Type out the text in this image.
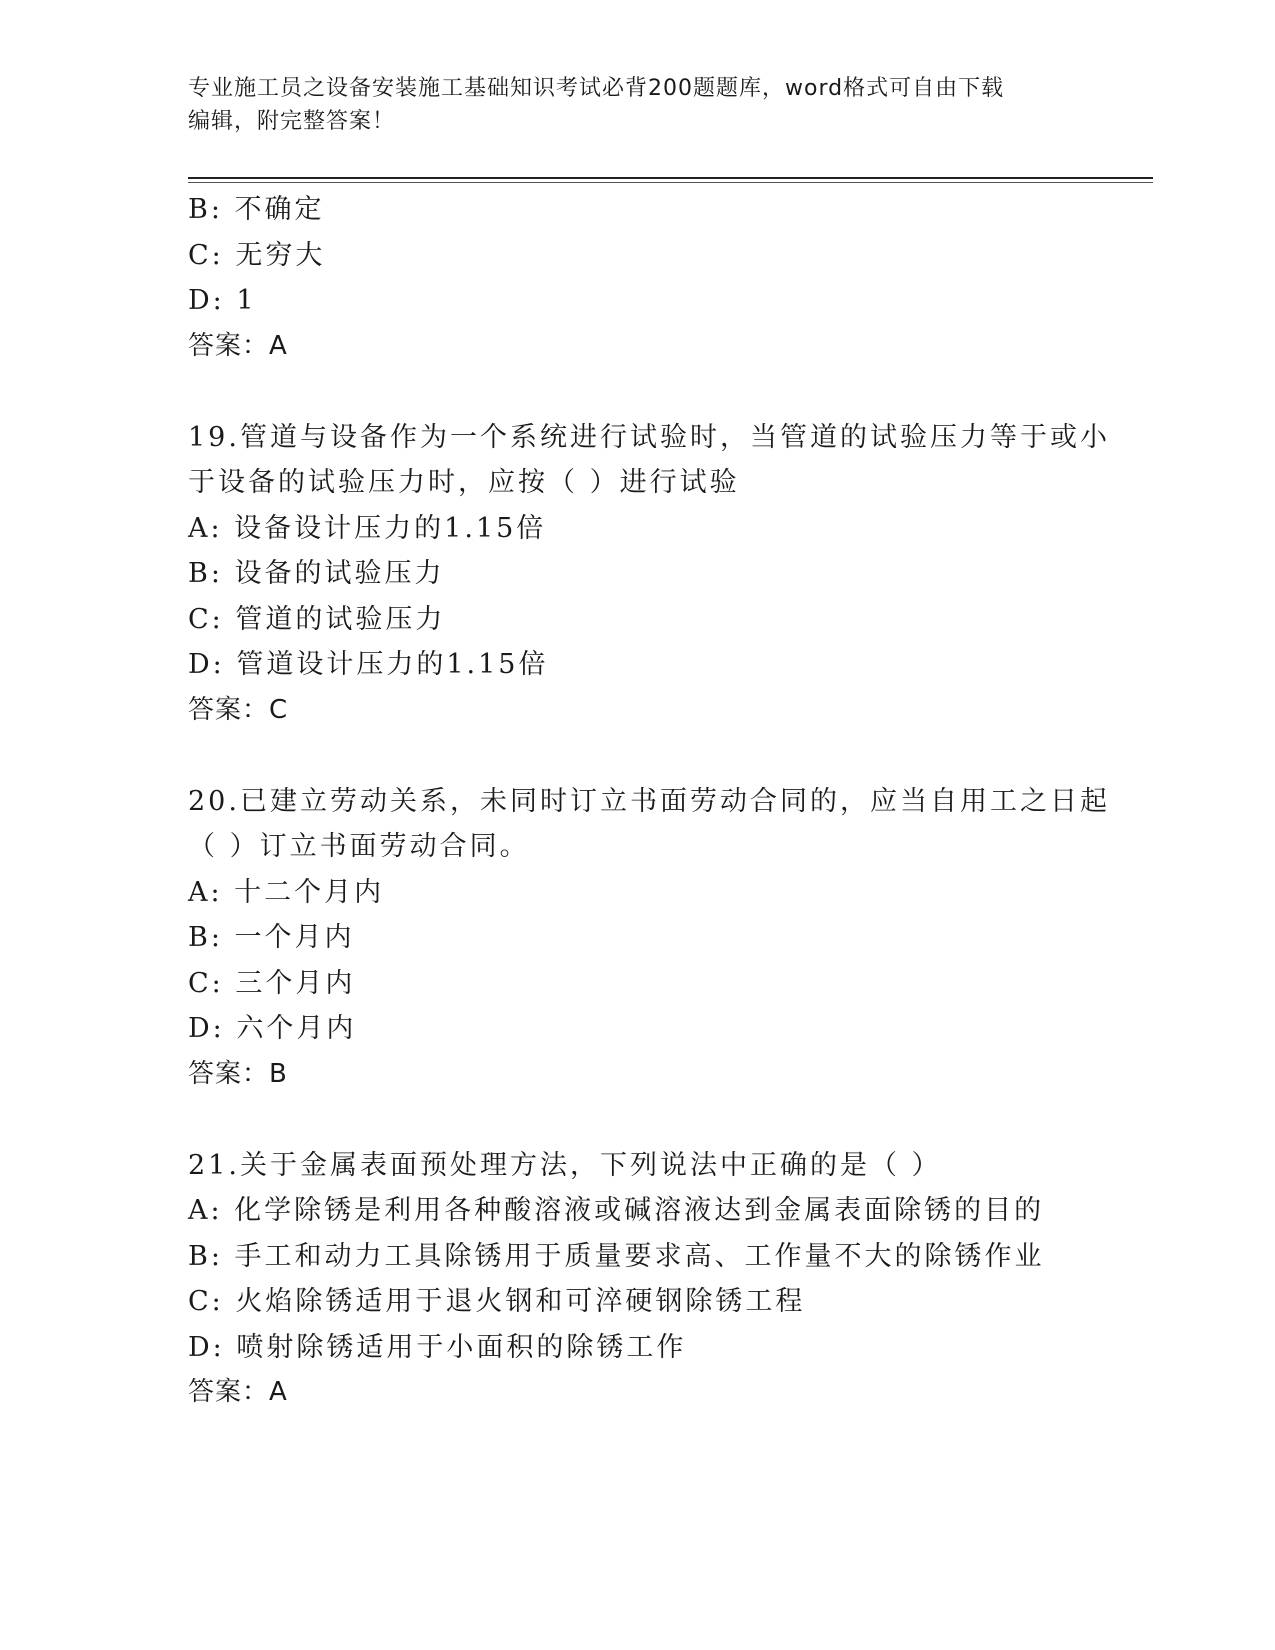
专业施工员之设备安装施工基础知识考试必背200题题库，word格式可自由下载
编辑，附完整答案！
B: 不确定
C: 无穷大
D: 1
答案：A
19.管道与设备作为一个系统进行试验时，当管道的试验压力等于或小
于设备的试验压力时，应按（ ）进行试验
A: 设备设计压力的1.15倍
B: 设备的试验压力
C: 管道的试验压力
D: 管道设计压力的1.15倍
答案：C
20.已建立劳动关系，未同时订立书面劳动合同的，应当自用工之日起
（ ）订立书面劳动合同。
A: 十二个月内
B: 一个月内
C: 三个月内
D: 六个月内
答案：B
21.关于金属表面预处理方法，下列说法中正确的是（ ）
A: 化学除锈是利用各种酸溶液或碱溶液达到金属表面除锈的目的
B: 手工和动力工具除锈用于质量要求高、工作量不大的除锈作业
C: 火焰除锈适用于退火钢和可淬硬钢除锈工程
D: 喷射除锈适用于小面积的除锈工作
答案：A
